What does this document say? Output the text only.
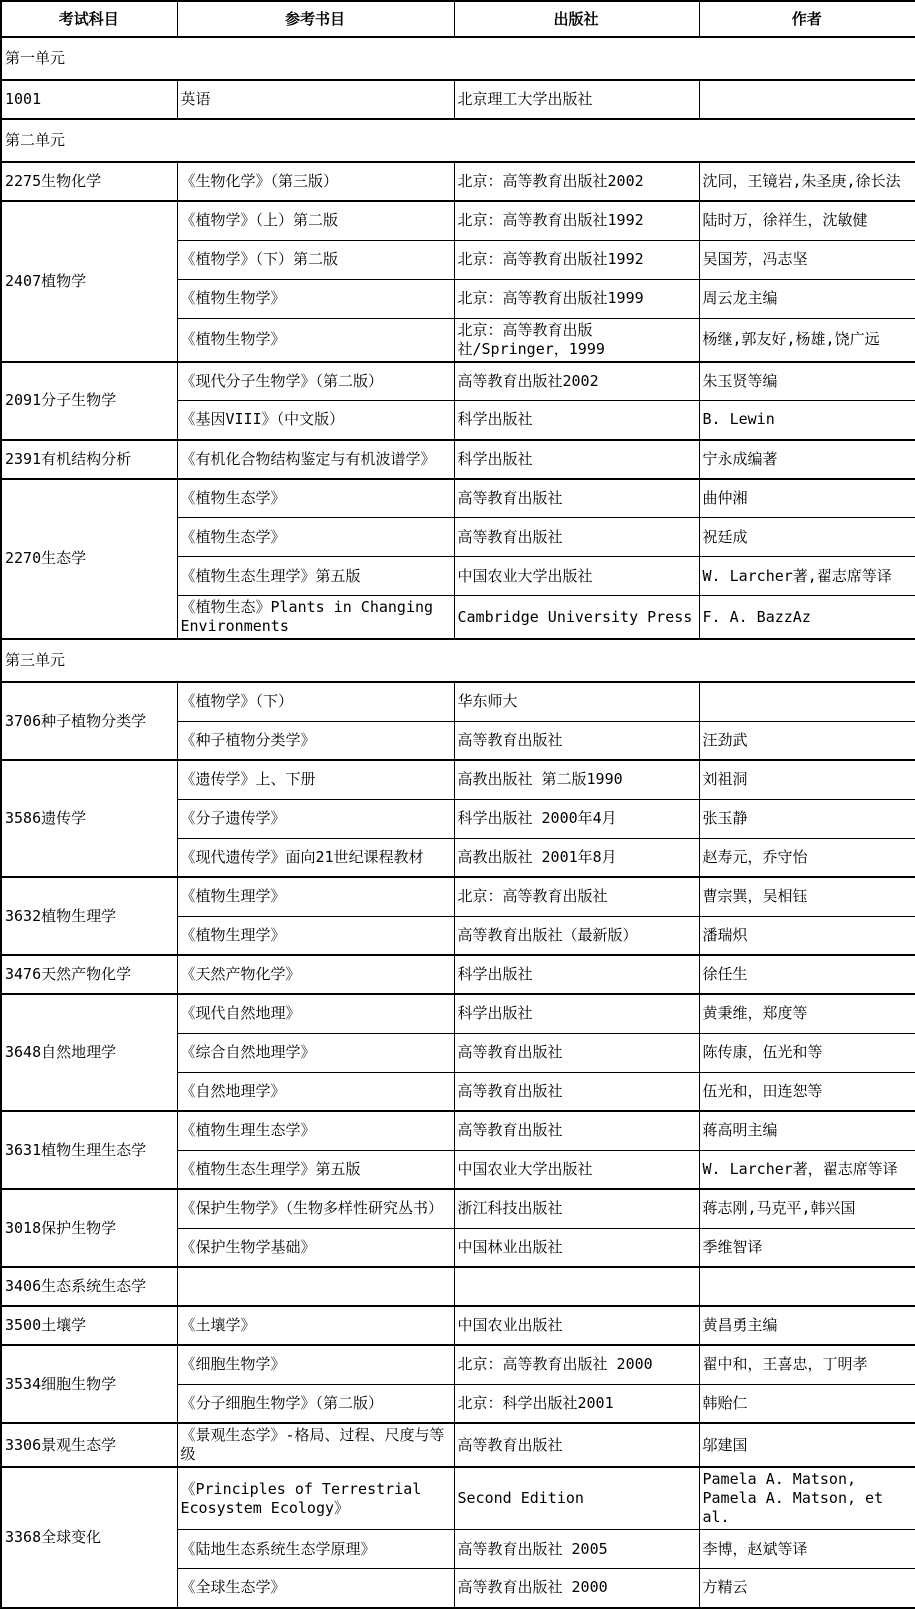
考试科目	参考书目	出版社	作者
第一单元			
1001	英语	北京理工大学出版社	
第二单元			
2275生物化学	《生物化学》（第三版）	北京：高等教育出版社2002	沈同，王镜岩,朱圣庚,徐长法
2407植物学	《植物学》（上）第二版	北京：高等教育出版社1992	陆时万，徐祥生，沈敏健
	《植物学》（下）第二版	北京：高等教育出版社1992	吴国芳，冯志坚
	《植物生物学》	北京：高等教育出版社1999	周云龙主编
	《植物生物学》	北京：高等教育出版社/Springer，1999	杨继,郭友好,杨雄,饶广远
2091分子生物学	《现代分子生物学》（第二版）	高等教育出版社2002	朱玉贤等编
	《基因VIII》（中文版）	科学出版社	B. Lewin
2391有机结构分析	《有机化合物结构鉴定与有机波谱学》	科学出版社	宁永成编著
2270生态学	《植物生态学》	高等教育出版社	曲仲湘
	《植物生态学》	高等教育出版社	祝廷成
	《植物生态生理学》第五版	中国农业大学出版社	W. Larcher著,翟志席等译
	《植物生态》Plants in Changing Environments	Cambridge University Press	F. A. BazzAz
第三单元			
3706种子植物分类学	《植物学》（下）	华东师大	
	《种子植物分类学》	高等教育出版社	汪劲武
3586遗传学	《遗传学》上、下册	高教出版社 第二版1990	刘祖洞
	《分子遗传学》	科学出版社 2000年4月	张玉静
	《现代遗传学》面向21世纪课程教材	高教出版社 2001年8月	赵寿元，乔守怡
3632植物生理学	《植物生理学》	北京：高等教育出版社	曹宗巽，吴相钰
	《植物生理学》	高等教育出版社（最新版）	潘瑞炽
3476天然产物化学	《天然产物化学》	科学出版社	徐任生
3648自然地理学	《现代自然地理》	科学出版社	黄秉维，郑度等
	《综合自然地理学》	高等教育出版社	陈传康，伍光和等
	《自然地理学》	高等教育出版社	伍光和，田连恕等
3631植物生理生态学	《植物生理生态学》	高等教育出版社	蒋高明主编
	《植物生态生理学》第五版	中国农业大学出版社	W. Larcher著，翟志席等译
3018保护生物学	《保护生物学》（生物多样性研究丛书）	浙江科技出版社	蒋志刚,马克平,韩兴国
	《保护生物学基础》	中国林业出版社	季维智译
3406生态系统生态学			
3500土壤学	《土壤学》	中国农业出版社	黄昌勇主编
3534细胞生物学	《细胞生物学》	北京：高等教育出版社 2000	翟中和，王喜忠，丁明孝
	《分子细胞生物学》（第二版）	北京：科学出版社2001	韩贻仁
3306景观生态学	《景观生态学》-格局、过程、尺度与等级	高等教育出版社	邬建国
3368全球变化	《Principles of Terrestrial Ecosystem Ecology》	Second Edition	Pamela A. Matson, Pamela A. Matson, et al.
	《陆地生态系统生态学原理》	高等教育出版社 2005	李博，赵斌等译
	《全球生态学》	高等教育出版社 2000	方精云
